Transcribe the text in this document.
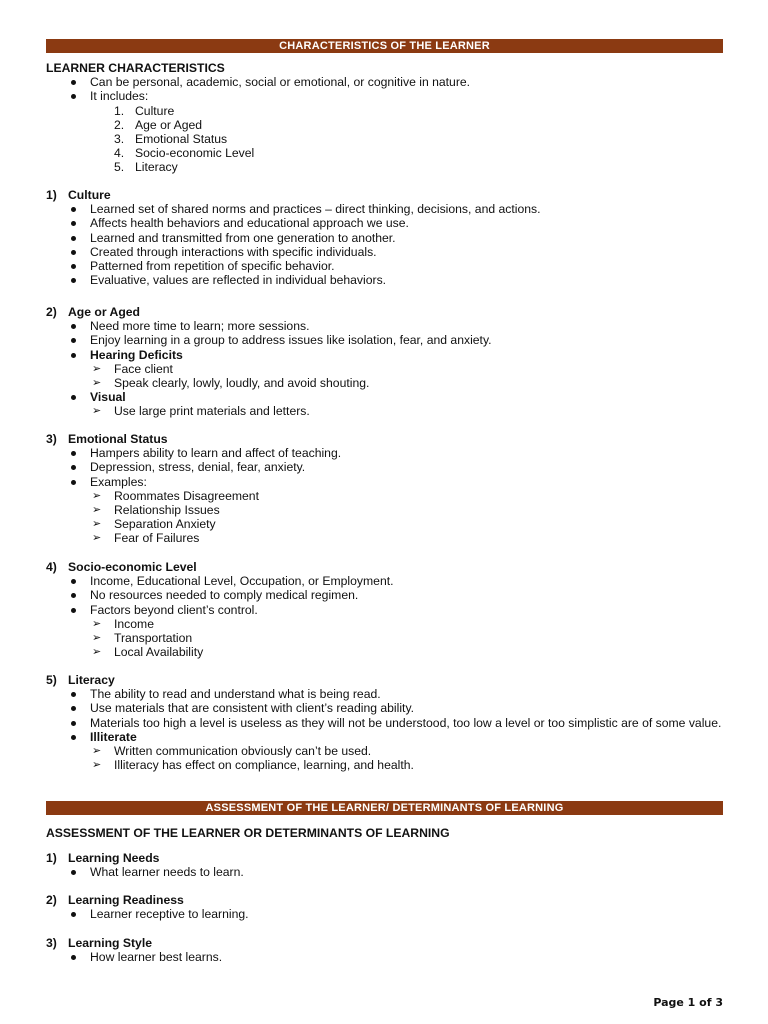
CHARACTERISTICS OF THE LEARNER
LEARNER CHARACTERISTICS
Can be personal, academic, social or emotional, or cognitive in nature.
It includes:
1. Culture
2. Age or Aged
3. Emotional Status
4. Socio-economic Level
5. Literacy
1) Culture
Learned set of shared norms and practices – direct thinking, decisions, and actions.
Affects health behaviors and educational approach we use.
Learned and transmitted from one generation to another.
Created through interactions with specific individuals.
Patterned from repetition of specific behavior.
Evaluative, values are reflected in individual behaviors.
2) Age or Aged
Need more time to learn; more sessions.
Enjoy learning in a group to address issues like isolation, fear, and anxiety.
Hearing Deficits
➢ Face client
➢ Speak clearly, lowly, loudly, and avoid shouting.
Visual
➢ Use large print materials and letters.
3) Emotional Status
Hampers ability to learn and affect of teaching.
Depression, stress, denial, fear, anxiety.
Examples:
➢ Roommates Disagreement
➢ Relationship Issues
➢ Separation Anxiety
➢ Fear of Failures
4) Socio-economic Level
Income, Educational Level, Occupation, or Employment.
No resources needed to comply medical regimen.
Factors beyond client’s control.
➢ Income
➢ Transportation
➢ Local Availability
5) Literacy
The ability to read and understand what is being read.
Use materials that are consistent with client’s reading ability.
Materials too high a level is useless as they will not be understood, too low a level or too simplistic are of some value.
Illiterate
➢ Written communication obviously can’t be used.
➢ Illiteracy has effect on compliance, learning, and health.
ASSESSMENT OF THE LEARNER/ DETERMINANTS OF LEARNING
ASSESSMENT OF THE LEARNER OR DETERMINANTS OF LEARNING
1) Learning Needs
What learner needs to learn.
2) Learning Readiness
Learner receptive to learning.
3) Learning Style
How learner best learns.
Page 1 of 3
